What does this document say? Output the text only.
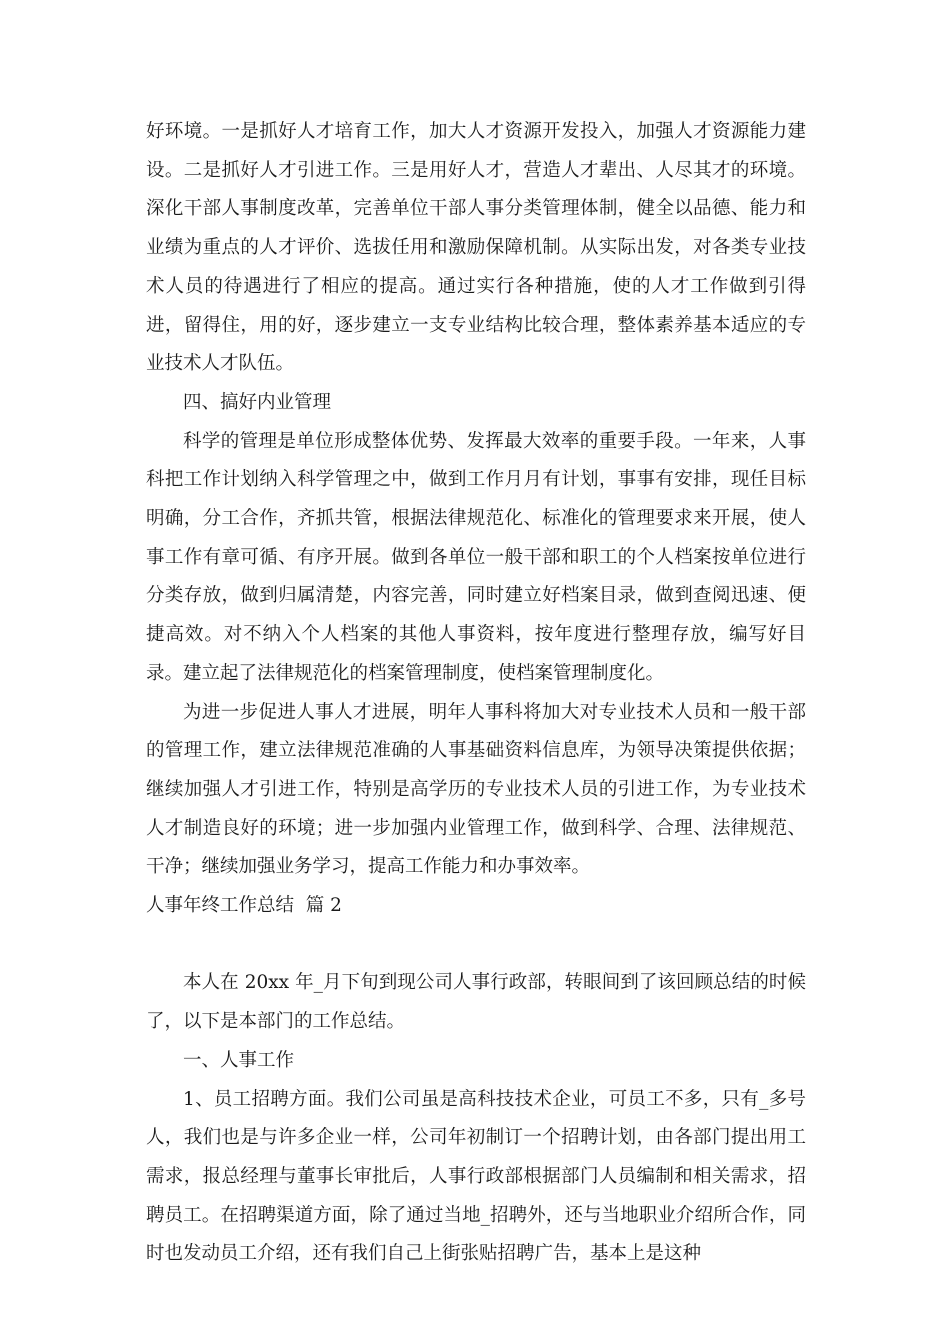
好环境。一是抓好人才培育工作，加大人才资源开发投入，加强人才资源能力建设。二是抓好人才引进工作。三是用好人才，营造人才辈出、人尽其才的环境。深化干部人事制度改革，完善单位干部人事分类管理体制，健全以品德、能力和业绩为重点的人才评价、选拔任用和激励保障机制。从实际出发，对各类专业技术人员的待遇进行了相应的提高。通过实行各种措施，使的人才工作做到引得进，留得住，用的好，逐步建立一支专业结构比较合理，整体素养基本适应的专业技术人才队伍。

四、搞好内业管理

科学的管理是单位形成整体优势、发挥最大效率的重要手段。一年来，人事科把工作计划纳入科学管理之中，做到工作月月有计划，事事有安排，现任目标明确，分工合作，齐抓共管，根据法律规范化、标准化的管理要求来开展，使人事工作有章可循、有序开展。做到各单位一般干部和职工的个人档案按单位进行分类存放，做到归属清楚，内容完善，同时建立好档案目录，做到查阅迅速、便捷高效。对不纳入个人档案的其他人事资料，按年度进行整理存放，编写好目录。建立起了法律规范化的档案管理制度，使档案管理制度化。

为进一步促进人事人才进展，明年人事科将加大对专业技术人员和一般干部的管理工作，建立法律规范准确的人事基础资料信息库，为领导决策提供依据；继续加强人才引进工作，特别是高学历的专业技术人员的引进工作，为专业技术人才制造良好的环境；进一步加强内业管理工作，做到科学、合理、法律规范、干净；继续加强业务学习，提高工作能力和办事效率。

人事年终工作总结  篇 2

本人在 20xx 年_月下旬到现公司人事行政部，转眼间到了该回顾总结的时候了，以下是本部门的工作总结。

一、人事工作

1、员工招聘方面。我们公司虽是高科技技术企业，可员工不多，只有_多号人，我们也是与许多企业一样，公司年初制订一个招聘计划，由各部门提出用工需求，报总经理与董事长审批后，人事行政部根据部门人员编制和相关需求，招聘员工。在招聘渠道方面，除了通过当地_招聘外，还与当地职业介绍所合作，同时也发动员工介绍，还有我们自己上街张贴招聘广告，基本上是这种
